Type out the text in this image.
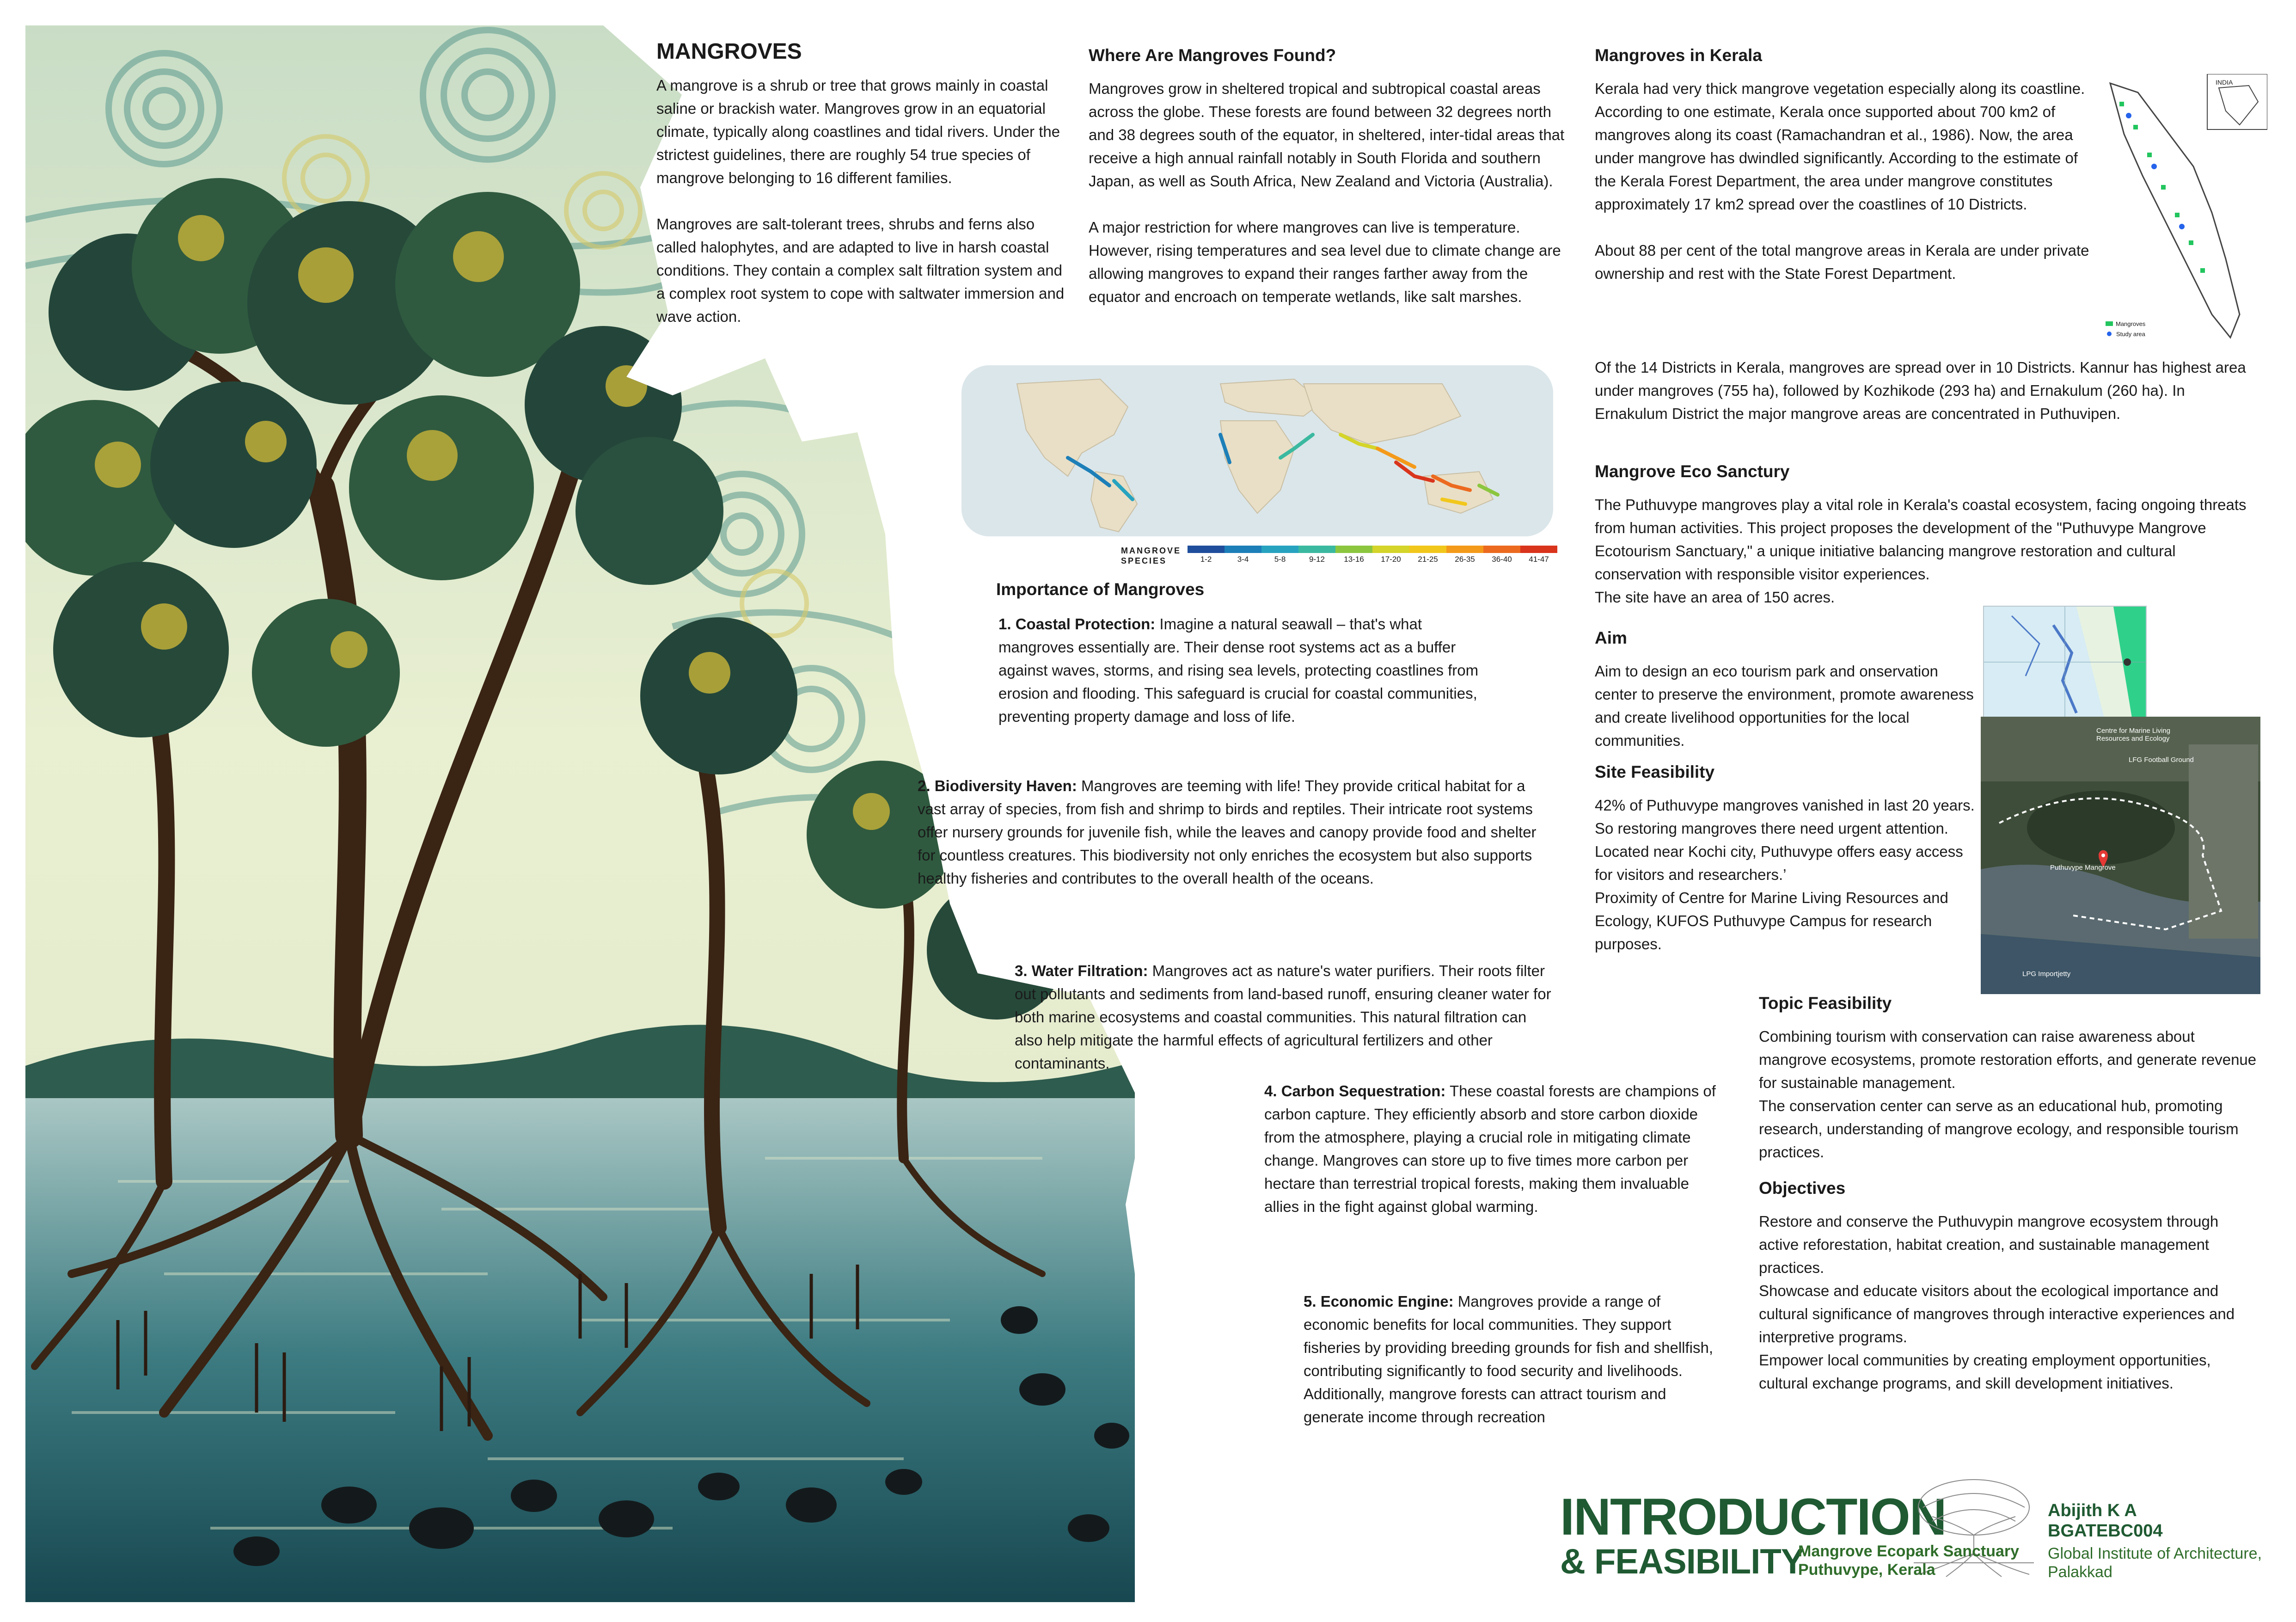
MANGROVES

A mangrove is a shrub or tree that grows mainly in coastal saline or brackish water. Mangroves grow in an equatorial climate, typically along coastlines and tidal rivers. Under the strictest guidelines, there are roughly 54 true species of mangrove belonging to 16 different families.

Mangroves are salt-tolerant trees, shrubs and ferns also called halophytes, and are adapted to live in harsh coastal conditions. They contain a complex salt filtration system and a complex root system to cope with saltwater immersion and wave action.

Where Are Mangroves Found?

Mangroves grow in sheltered tropical and subtropical coastal areas across the globe. These forests are found between 32 degrees north and 38 degrees south of the equator, in sheltered, inter-tidal areas that receive a high annual rainfall notably in South Florida and southern Japan, as well as South Africa, New Zealand and Victoria (Australia).

A major restriction for where mangroves can live is temperature. However, rising temperatures and sea level due to climate change are allowing mangroves to expand their ranges farther away from the equator and encroach on temperate wetlands, like salt marshes.

MANGROVE SPECIES	1-2	3-4	5-8	9-12	13-16	17-20	21-25	26-35	36-40	41-47
Importance of Mangroves
1. Coastal Protection: Imagine a natural seawall – that's what mangroves essentially are. Their dense root systems act as a buffer against waves, storms, and rising sea levels, protecting coastlines from erosion and flooding. This safeguard is crucial for coastal communities, preventing property damage and loss of life.
2. Biodiversity Haven: Mangroves are teeming with life! They provide critical habitat for a vast array of species, from fish and shrimp to birds and reptiles. Their intricate root systems offer nursery grounds for juvenile fish, while the leaves and canopy provide food and shelter for countless creatures. This biodiversity not only enriches the ecosystem but also supports healthy fisheries and contributes to the overall health of the oceans.
3. Water Filtration: Mangroves act as nature's water purifiers. Their roots filter out pollutants and sediments from land-based runoff, ensuring cleaner water for both marine ecosystems and coastal communities. This natural filtration can also help mitigate the harmful effects of agricultural fertilizers and other contaminants.
4. Carbon Sequestration: These coastal forests are champions of carbon capture. They efficiently absorb and store carbon dioxide from the atmosphere, playing a crucial role in mitigating climate change. Mangroves can store up to five times more carbon per hectare than terrestrial tropical forests, making them invaluable allies in the fight against global warming.
5. Economic Engine: Mangroves provide a range of economic benefits for local communities. They support fisheries by providing breeding grounds for fish and shellfish, contributing significantly to food security and livelihoods. Additionally, mangrove forests can attract tourism and generate income through recreation
Mangroves in Kerala

Kerala had very thick mangrove vegetation especially along its coastline. According to one estimate, Kerala once supported about 700 km2 of mangroves along its coast (Ramachandran et al., 1986). Now, the area under mangrove has dwindled significantly. According to the estimate of the Kerala Forest Department, the area under mangrove constitutes approximately 17 km2 spread over the coastlines of 10 Districts.

About 88 per cent of the total mangrove areas in Kerala are under private ownership and rest with the State Forest Department.

Of the 14 Districts in Kerala, mangroves are spread over in 10 Districts. Kannur has highest area under mangroves (755 ha), followed by Kozhikode (293 ha) and Ernakulum (260 ha). In Ernakulum District the major mangrove areas are concentrated in Puthuvipen.

INDIA
Mangroves
Study area
Mangrove Eco Sanctury

The Puthuvype mangroves play a vital role in Kerala's coastal ecosystem, facing ongoing threats from human activities. This project proposes the development of the "Puthuvype Mangrove Ecotourism Sanctuary," a unique initiative balancing mangrove restoration and cultural conservation with responsible visitor experiences.

The site have an area of 150 acres.

Aim

Aim to design an eco tourism park and onservation center to preserve the environment, promote awareness and create livelihood opportunities for the local communities.

Site Feasibility

42% of Puthuvype mangroves vanished in last 20 years. So restoring mangroves there need urgent attention.

Located near Kochi city, Puthuvype offers easy access for visitors and researchers.’

Proximity of Centre for Marine Living Resources and Ecology, KUFOS Puthuvype Campus for research purposes.

Centre for Marine Living Resources and Ecology
LFG Football Ground
Puthuvype Mangrove
LPG Importjetty
Topic Feasibility

Combining tourism with conservation can raise awareness about mangrove ecosystems, promote restoration efforts, and generate revenue for sustainable management.

The conservation center can serve as an educational hub, promoting research, understanding of mangrove ecology, and responsible tourism practices.

Objectives

Restore and conserve the Puthuvypin mangrove ecosystem through active reforestation, habitat creation, and sustainable management practices.

Showcase and educate visitors about the ecological importance and cultural significance of mangroves through interactive experiences and interpretive programs.

Empower local communities by creating employment opportunities, cultural exchange programs, and skill development initiatives.

INTRODUCTION
& FEASIBILITY
Mangrove Ecopark Sanctuary
Puthuvype, Kerala
Abijith K A
BGATEBC004
Global Institute of Architecture,
Palakkad
